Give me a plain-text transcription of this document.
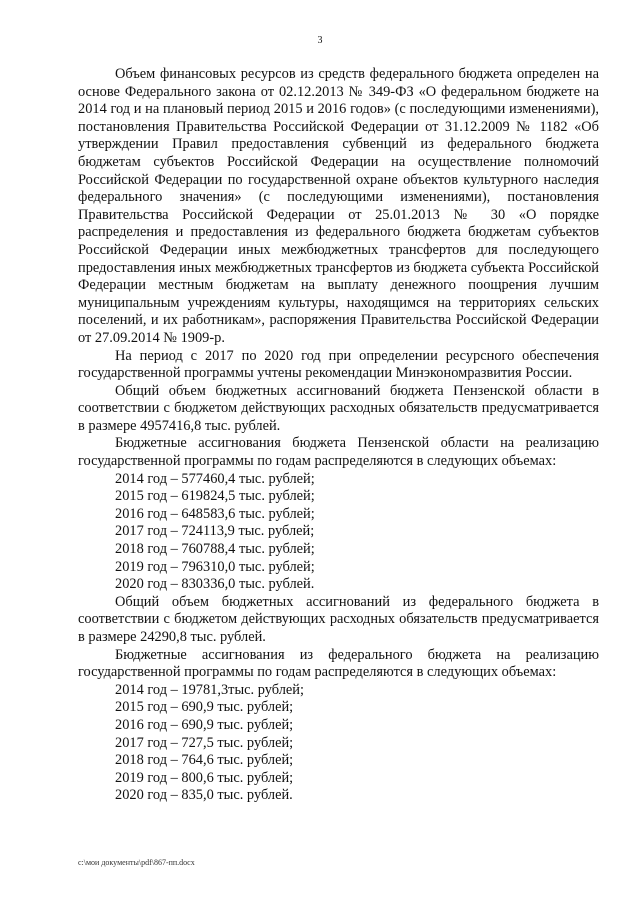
3

Объем финансовых ресурсов из средств федерального бюджета определен на основе Федерального закона от 02.12.2013 № 349-ФЗ «О федеральном бюджете на 2014 год и на плановый период 2015 и 2016 годов» (с последующими изменениями), постановления Правительства Российской Федерации от 31.12.2009 № 1182 «Об утверждении Правил предоставления субвенций из федерального бюджета бюджетам субъектов Российской Федерации на осуществление полномочий Российской Федерации по государственной охране объектов культурного наследия федерального значения» (с последующими изменениями), постановления Правительства Российской Федерации от 25.01.2013 № 30 «О порядке распределения и предоставления из федерального бюджета бюджетам субъектов Российской Федерации иных межбюджетных трансфертов для последующего предоставления иных межбюджетных трансфертов из бюджета субъекта Российской Федерации местным бюджетам на выплату денежного поощрения лучшим муниципальным учреждениям культуры, находящимся на территориях сельских поселений, и их работникам», распоряжения Правительства Российской Федерации от 27.09.2014 № 1909-р.

На период с 2017 по 2020 год при определении ресурсного обеспечения государственной программы учтены рекомендации Минэкономразвития России.

Общий объем бюджетных ассигнований бюджета Пензенской области в соответствии с бюджетом действующих расходных обязательств предусматривается в размере 4957416,8 тыс. рублей.

Бюджетные ассигнования бюджета Пензенской области на реализацию государственной программы по годам распределяются в следующих объемах:

2014 год – 577460,4 тыс. рублей;

2015 год – 619824,5 тыс. рублей;

2016 год – 648583,6 тыс. рублей;

2017 год – 724113,9 тыс. рублей;

2018 год – 760788,4 тыс. рублей;

2019 год – 796310,0 тыс. рублей;

2020 год – 830336,0 тыс. рублей.

Общий объем бюджетных ассигнований из федерального бюджета в соответствии с бюджетом действующих расходных обязательств предусматривается в размере 24290,8 тыс. рублей.

Бюджетные ассигнования из федерального бюджета на реализацию государственной программы по годам распределяются в следующих объемах:

2014 год – 19781,3тыс. рублей;

2015 год – 690,9 тыс. рублей;

2016 год – 690,9 тыс. рублей;

2017 год – 727,5 тыс. рублей;

2018 год – 764,6 тыс. рублей;

2019 год – 800,6 тыс. рублей;

2020 год – 835,0 тыс. рублей.

c:\мои документы\pdf\867-пп.docx
